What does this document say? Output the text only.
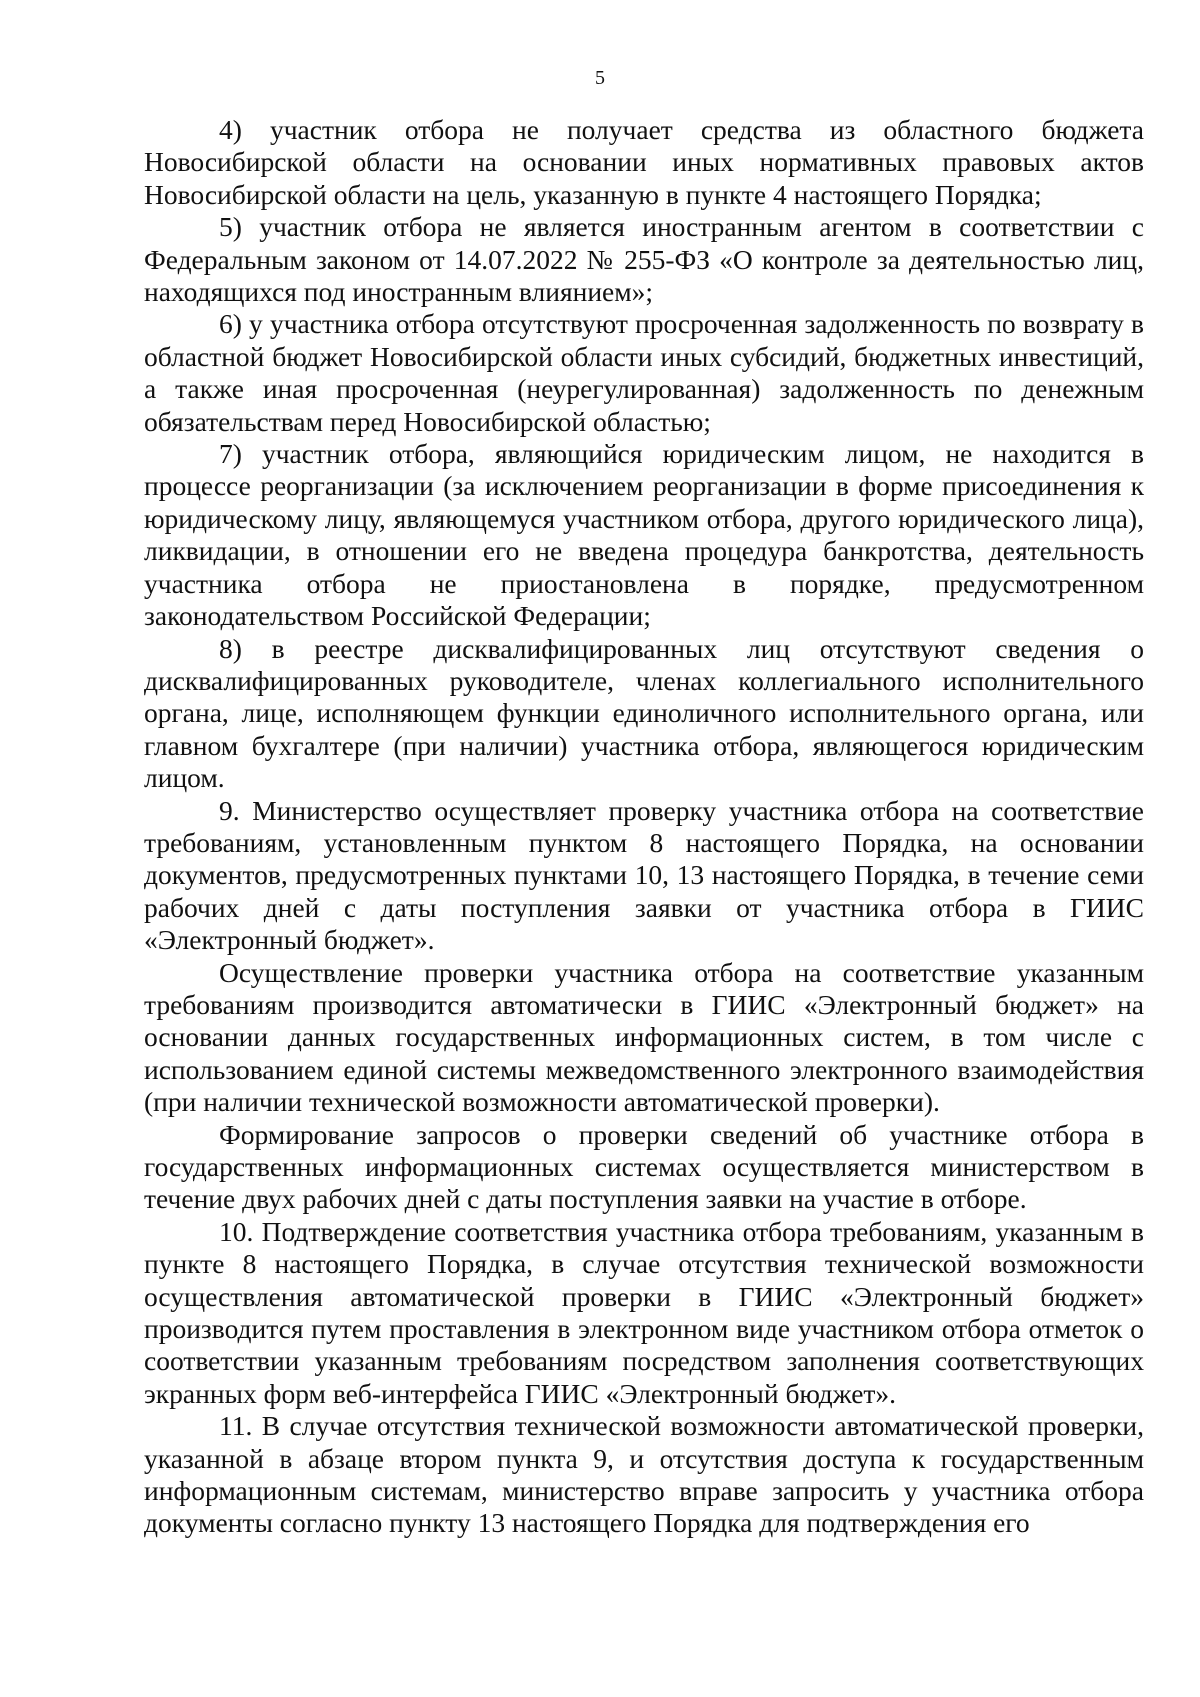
5

4) участник отбора не получает средства из областного бюджета Новосибирской области на основании иных нормативных правовых актов Новосибирской области на цель, указанную в пункте 4 настоящего Порядка;

5) участник отбора не является иностранным агентом в соответствии с Федеральным законом от 14.07.2022 № 255-ФЗ «О контроле за деятельностью лиц, находящихся под иностранным влиянием»;

6) у участника отбора отсутствуют просроченная задолженность по возврату в областной бюджет Новосибирской области иных субсидий, бюджетных инвестиций, а также иная просроченная (неурегулированная) задолженность по денежным обязательствам перед Новосибирской областью;

7) участник отбора, являющийся юридическим лицом, не находится в процессе реорганизации (за исключением реорганизации в форме присоединения к юридическому лицу, являющемуся участником отбора, другого юридического лица), ликвидации, в отношении его не введена процедура банкротства, деятельность участника отбора не приостановлена в порядке, предусмотренном законодательством Российской Федерации;

8) в реестре дисквалифицированных лиц отсутствуют сведения о дисквалифицированных руководителе, членах коллегиального исполнительного органа, лице, исполняющем функции единоличного исполнительного органа, или главном бухгалтере (при наличии) участника отбора, являющегося юридическим лицом.

9. Министерство осуществляет проверку участника отбора на соответствие требованиям, установленным пунктом 8 настоящего Порядка, на основании документов, предусмотренных пунктами 10, 13 настоящего Порядка, в течение семи рабочих дней с даты поступления заявки от участника отбора в ГИИС «Электронный бюджет».

Осуществление проверки участника отбора на соответствие указанным требованиям производится автоматически в ГИИС «Электронный бюджет» на основании данных государственных информационных систем, в том числе с использованием единой системы межведомственного электронного взаимодействия (при наличии технической возможности автоматической проверки).

Формирование запросов о проверки сведений об участнике отбора в государственных информационных системах осуществляется министерством в течение двух рабочих дней с даты поступления заявки на участие в отборе.

10. Подтверждение соответствия участника отбора требованиям, указанным в пункте 8 настоящего Порядка, в случае отсутствия технической возможности осуществления автоматической проверки в ГИИС «Электронный бюджет» производится путем проставления в электронном виде участником отбора отметок о соответствии указанным требованиям посредством заполнения соответствующих экранных форм веб-интерфейса ГИИС «Электронный бюджет».

11. В случае отсутствия технической возможности автоматической проверки, указанной в абзаце втором пункта 9, и отсутствия доступа к государственным информационным системам, министерство вправе запросить у участника отбора документы согласно пункту 13 настоящего Порядка для подтверждения его
